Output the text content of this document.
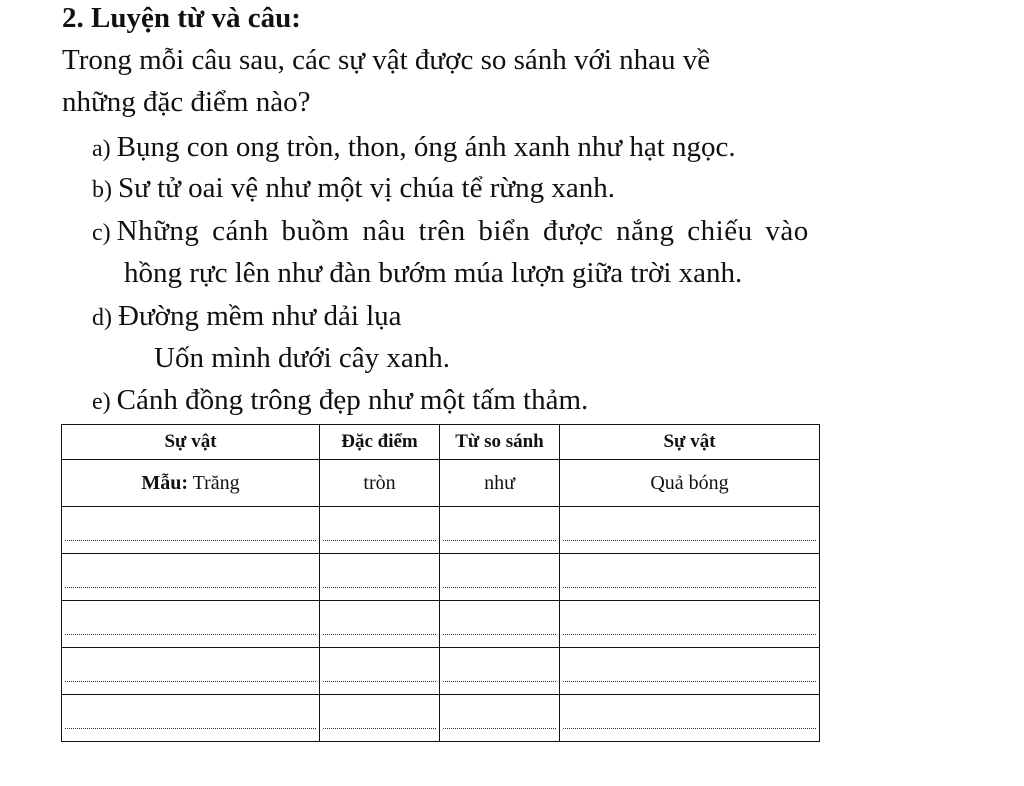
2. Luyện từ và câu:
Trong mỗi câu sau, các sự vật được so sánh với nhau về
những đặc điểm nào?
a) Bụng con ong tròn, thon, óng ánh xanh như hạt ngọc.
b) Sư tử oai vệ như một vị chúa tể rừng xanh.
c) Những cánh buồm nâu trên biển được nắng chiếu vào
hồng rực lên như đàn bướm múa lượn giữa trời xanh.
d) Đường mềm như dải lụa
Uốn mình dưới cây xanh.
e) Cánh đồng trông đẹp như một tấm thảm.
Sự vật	Đặc điểm	Từ so sánh	Sự vật
Mẫu: Trăng	tròn	như	Quả bóng
